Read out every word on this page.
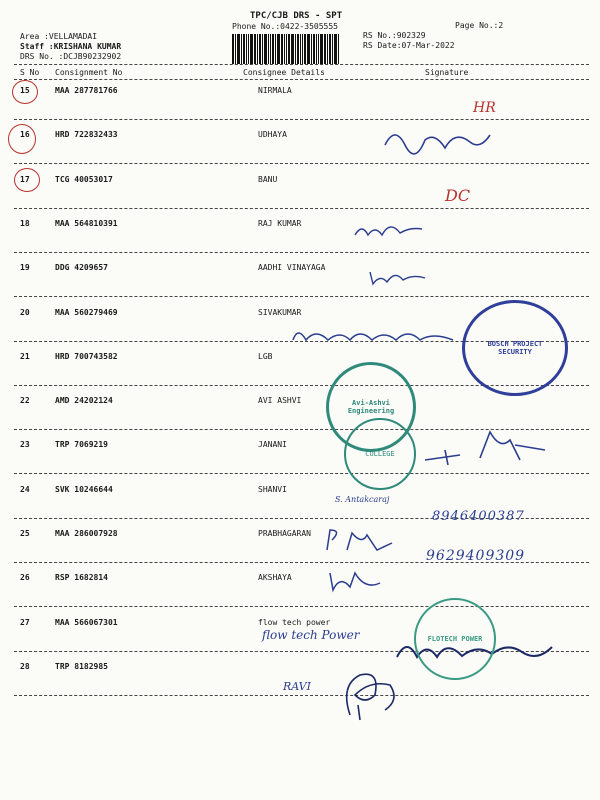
TPC/CJB DRS - SPT
Phone No.:0422-3505555	Page No.:2
Area :VELLAMADAI
Staff :KRISHANA KUMAR
DRS No. :DCJB90232902
RS No.:902329
RS Date:07-Mar-2022
S No Consignment No	Consignee Details	Signature
15	MAA 287781766	NIRMALA
16	HRD 722832433	UDHAYA
17	TCG 40053017	BANU
18	MAA 564810391	RAJ KUMAR
19	DDG 4209657	AADHI VINAYAGA
20	MAA 560279469	SIVAKUMAR
21	HRD 700743582	LGB
22	AMD 24202124	AVI ASHVI
23	TRP 7069219	JANANI
24	SVK 10246644	SHANVI
25	MAA 286007928	PRABHAGARAN
26	RSP 1682814	AKSHAYA
27	MAA 566067301	flow tech power
28	TRP 8182985
HR
DC
S. Antakcaraj
8946400387
9629409309
flow tech Power
RAVI
BOSCH PROJECT SECURITY
Avi-Ashvi Engineering
COLLEGE
FLOTECH POWER
